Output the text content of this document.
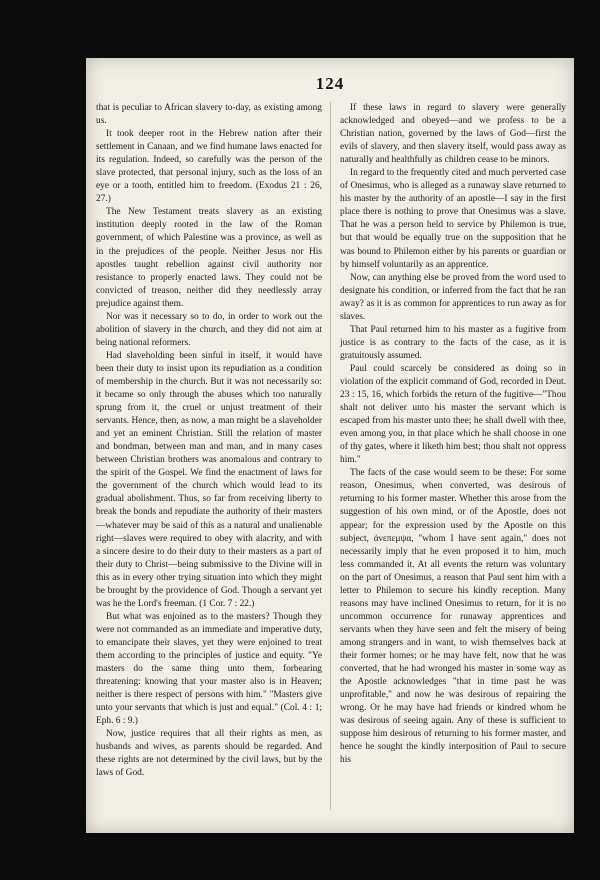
124

that is peculiar to African slavery to-day, as existing among us.

It took deeper root in the Hebrew nation after their settlement in Canaan, and we find humane laws enacted for its regulation. Indeed, so carefully was the person of the slave protected, that personal injury, such as the loss of an eye or a tooth, entitled him to freedom. (Exodus 21 : 26, 27.)

The New Testament treats slavery as an existing institution deeply rooted in the law of the Roman government, of which Palestine was a province, as well as in the prejudices of the people. Neither Jesus nor His apostles taught rebellion against civil authority nor resistance to properly enacted laws. They could not be convicted of treason, neither did they needlessly array prejudice against them.

Nor was it necessary so to do, in order to work out the abolition of slavery in the church, and they did not aim at being national reformers.

Had slaveholding been sinful in itself, it would have been their duty to insist upon its repudiation as a condition of membership in the church. But it was not necessarily so: it became so only through the abuses which too naturally sprung from it, the cruel or unjust treatment of their servants. Hence, then, as now, a man might be a slaveholder and yet an eminent Christian. Still the relation of master and bondman, between man and man, and in many cases between Christian brothers was anomalous and contrary to the spirit of the Gospel. We find the enactment of laws for the government of the church which would lead to its gradual abolishment. Thus, so far from receiving liberty to break the bonds and repudiate the authority of their masters—whatever may be said of this as a natural and unalienable right—slaves were required to obey with alacrity, and with a sincere desire to do their duty to their masters as a part of their duty to Christ—being submissive to the Divine will in this as in every other trying situation into which they might be brought by the providence of God. Though a servant yet was he the Lord's freeman. (1 Cor. 7 : 22.)

But what was enjoined as to the masters? Though they were not commanded as an immediate and imperative duty, to emancipate their slaves, yet they were enjoined to treat them according to the principles of justice and equity. "Ye masters do the same thing unto them, forbearing threatening: knowing that your master also is in Heaven; neither is there respect of persons with him." "Masters give unto your servants that which is just and equal." (Col. 4 : 1; Eph. 6 : 9.)

Now, justice requires that all their rights as men, as husbands and wives, as parents should be regarded. And these rights are not determined by the civil laws, but by the laws of God.

If these laws in regard to slavery were generally acknowledged and obeyed—and we profess to be a Christian nation, governed by the laws of God—first the evils of slavery, and then slavery itself, would pass away as naturally and healthfully as children cease to be minors.

In regard to the frequently cited and much perverted case of Onesimus, who is alleged as a runaway slave returned to his master by the authority of an apostle—I say in the first place there is nothing to prove that Onesimus was a slave. That he was a person held to service by Philemon is true, but that would be equally true on the supposition that he was bound to Philemon either by his parents or guardian or by himself voluntarily as an apprentice.

Now, can anything else be proved from the word used to designate his condition, or inferred from the fact that he ran away? as it is as common for apprentices to run away as for slaves.

That Paul returned him to his master as a fugitive from justice is as contrary to the facts of the case, as it is gratuitously assumed.

Paul could scarcely be considered as doing so in violation of the explicit command of God, recorded in Deut. 23 : 15, 16, which forbids the return of the fugitive—"Thou shalt not deliver unto his master the servant which is escaped from his master unto thee; he shall dwell with thee, even among you, in that place which he shall choose in one of thy gates, where it liketh him best; thou shalt not oppress him."

The facts of the case would seem to be these: For some reason, Onesimus, when converted, was desirous of returning to his former master. Whether this arose from the suggestion of his own mind, or of the Apostle, does not appear; for the expression used by the Apostle on this subject, ἀνεπεμψα, "whom I have sent again," does not necessarily imply that he even proposed it to him, much less commanded it. At all events the return was voluntary on the part of Onesimus, a reason that Paul sent him with a letter to Philemon to secure his kindly reception. Many reasons may have inclined Onesimus to return, for it is no uncommon occurrence for runaway apprentices and servants when they have seen and felt the misery of being among strangers and in want, to wish themselves back at their former homes; or he may have felt, now that he was converted, that he had wronged his master in some way as the Apostle acknowledges "that in time past he was unprofitable," and now he was desirous of repairing the wrong. Or he may have had friends or kindred whom he was desirous of seeing again. Any of these is sufficient to suppose him desirous of returning to his former master, and hence he sought the kindly interposition of Paul to secure his
